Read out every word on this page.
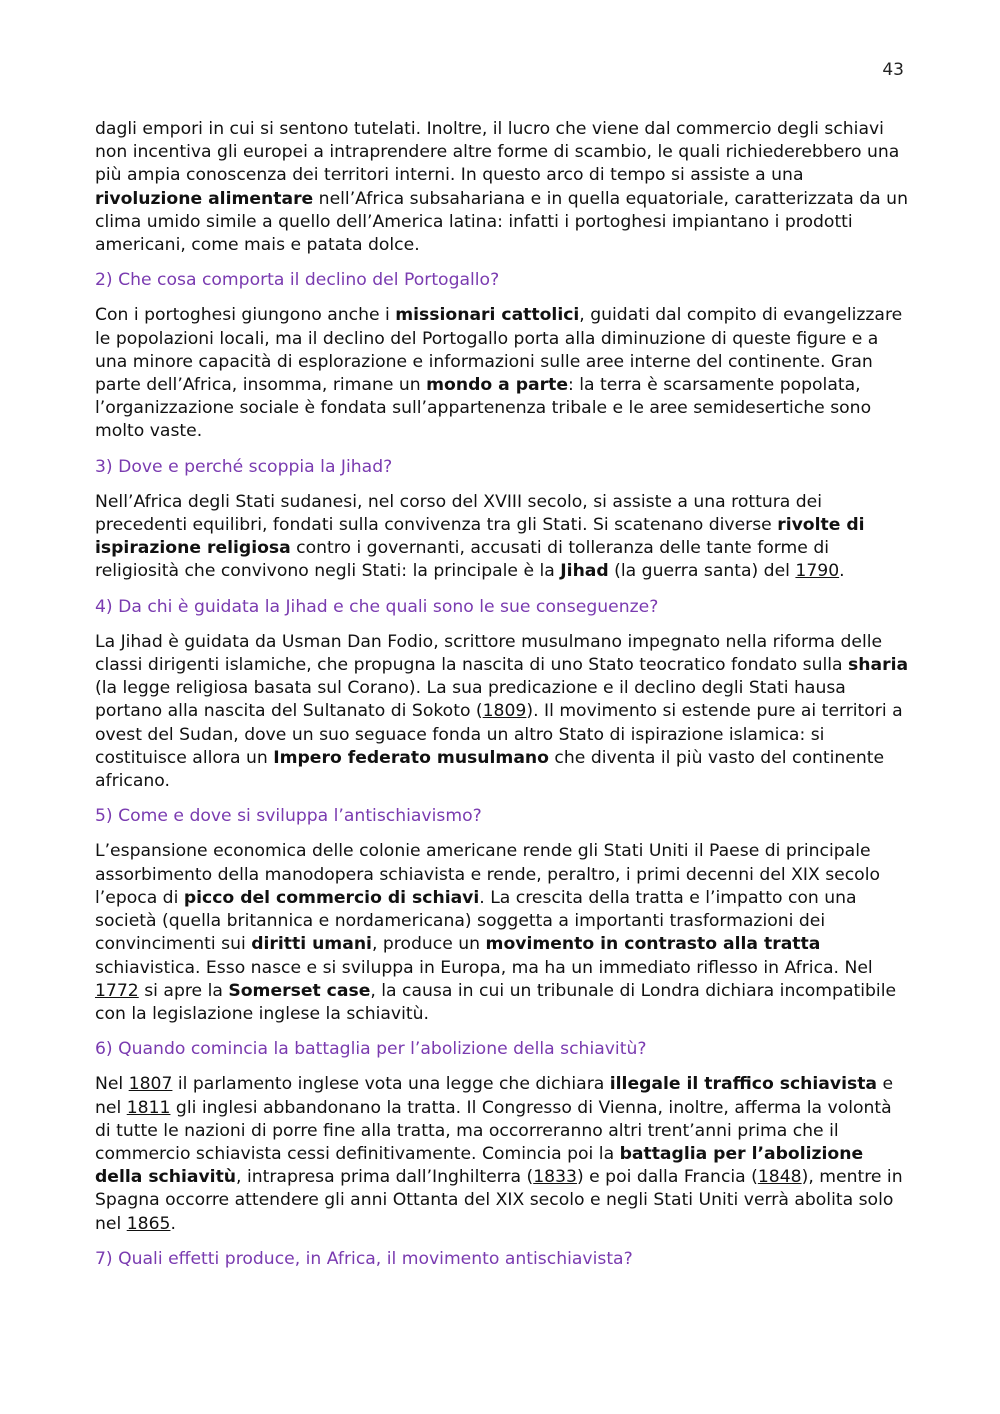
43

dagli empori in cui si sentono tutelati. Inoltre, il lucro che viene dal commercio degli schiavi non incentiva gli europei a intraprendere altre forme di scambio, le quali richiederebbero una più ampia conoscenza dei territori interni. In questo arco di tempo si assiste a una rivoluzione alimentare nell’Africa subsahariana e in quella equatoriale, caratterizzata da un clima umido simile a quello dell’America latina: infatti i portoghesi impiantano i prodotti americani, come mais e patata dolce.

2) Che cosa comporta il declino del Portogallo?

Con i portoghesi giungono anche i missionari cattolici, guidati dal compito di evangelizzare le popolazioni locali, ma il declino del Portogallo porta alla diminuzione di queste figure e a una minore capacità di esplorazione e informazioni sulle aree interne del continente. Gran parte dell’Africa, insomma, rimane un mondo a parte: la terra è scarsamente popolata, l’organizzazione sociale è fondata sull’appartenenza tribale e le aree semidesertiche sono molto vaste.

3) Dove e perché scoppia la Jihad?

Nell’Africa degli Stati sudanesi, nel corso del XVIII secolo, si assiste a una rottura dei precedenti equilibri, fondati sulla convivenza tra gli Stati. Si scatenano diverse rivolte di ispirazione religiosa contro i governanti, accusati di tolleranza delle tante forme di religiosità che convivono negli Stati: la principale è la Jihad (la guerra santa) del 1790.

4) Da chi è guidata la Jihad e che quali sono le sue conseguenze?

La Jihad è guidata da Usman Dan Fodio, scrittore musulmano impegnato nella riforma delle classi dirigenti islamiche, che propugna la nascita di uno Stato teocratico fondato sulla sharia (la legge religiosa basata sul Corano). La sua predicazione e il declino degli Stati hausa portano alla nascita del Sultanato di Sokoto (1809). Il movimento si estende pure ai territori a ovest del Sudan, dove un suo seguace fonda un altro Stato di ispirazione islamica: si costituisce allora un Impero federato musulmano che diventa il più vasto del continente africano.

5) Come e dove si sviluppa l’antischiavismo?

L’espansione economica delle colonie americane rende gli Stati Uniti il Paese di principale assorbimento della manodopera schiavista e rende, peraltro, i primi decenni del XIX secolo l’epoca di picco del commercio di schiavi. La crescita della tratta e l’impatto con una società (quella britannica e nordamericana) soggetta a importanti trasformazioni dei convincimenti sui diritti umani, produce un movimento in contrasto alla tratta schiavistica. Esso nasce e si sviluppa in Europa, ma ha un immediato riflesso in Africa. Nel 1772 si apre la Somerset case, la causa in cui un tribunale di Londra dichiara incompatibile con la legislazione inglese la schiavitù.

6) Quando comincia la battaglia per l’abolizione della schiavitù?

Nel 1807 il parlamento inglese vota una legge che dichiara illegale il traffico schiavista e nel 1811 gli inglesi abbandonano la tratta. Il Congresso di Vienna, inoltre, afferma la volontà di tutte le nazioni di porre fine alla tratta, ma occorreranno altri trent’anni prima che il commercio schiavista cessi definitivamente. Comincia poi la battaglia per l’abolizione della schiavitù, intrapresa prima dall’Inghilterra (1833) e poi dalla Francia (1848), mentre in Spagna occorre attendere gli anni Ottanta del XIX secolo e negli Stati Uniti verrà abolita solo nel 1865.

7) Quali effetti produce, in Africa, il movimento antischiavista?
